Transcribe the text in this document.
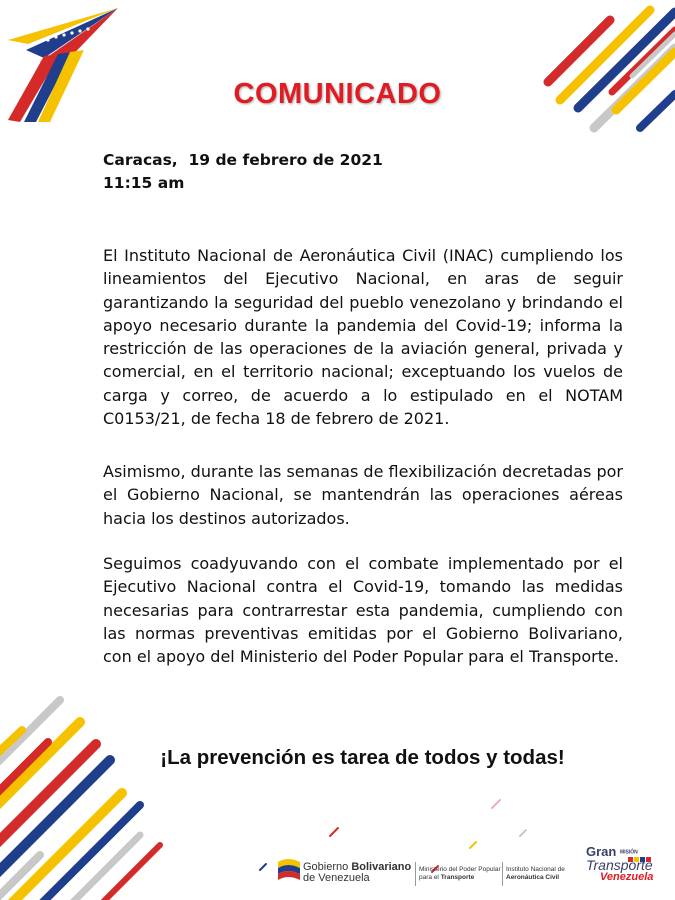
COMUNICADO
Caracas,  19 de febrero de 2021
11:15 am

El Instituto Nacional de Aeronáutica Civil (INAC) cumpliendo los lineamientos del Ejecutivo Nacional, en aras de seguir garantizando la seguridad del pueblo venezolano y brindando el apoyo necesario durante la pandemia del Covid-19; informa la restricción de las operaciones de la aviación general, privada y comercial, en el territorio nacional; exceptuando los vuelos de carga y correo, de acuerdo a lo estipulado en el NOTAM C0153/21, de fecha 18 de febrero de 2021.

Asimismo, durante las semanas de flexibilización decretadas por el Gobierno Nacional, se mantendrán las operaciones aéreas hacia los destinos autorizados.

Seguimos coadyuvando con el combate implementado por el Ejecutivo Nacional contra el Covid-19, tomando las medidas necesarias para contrarrestar esta pandemia, cumpliendo con las normas preventivas emitidas por el Gobierno Bolivariano, con el apoyo del Ministerio del Poder Popular para el Transporte.

¡La prevención es tarea de todos y todas!
Gobierno Bolivariano
de Venezuela
Ministerio del Poder Popular
para el Transporte
Instituto Nacional de
Aeronáutica Civil
Gran MISIÓN
Transporte
Venezuela
